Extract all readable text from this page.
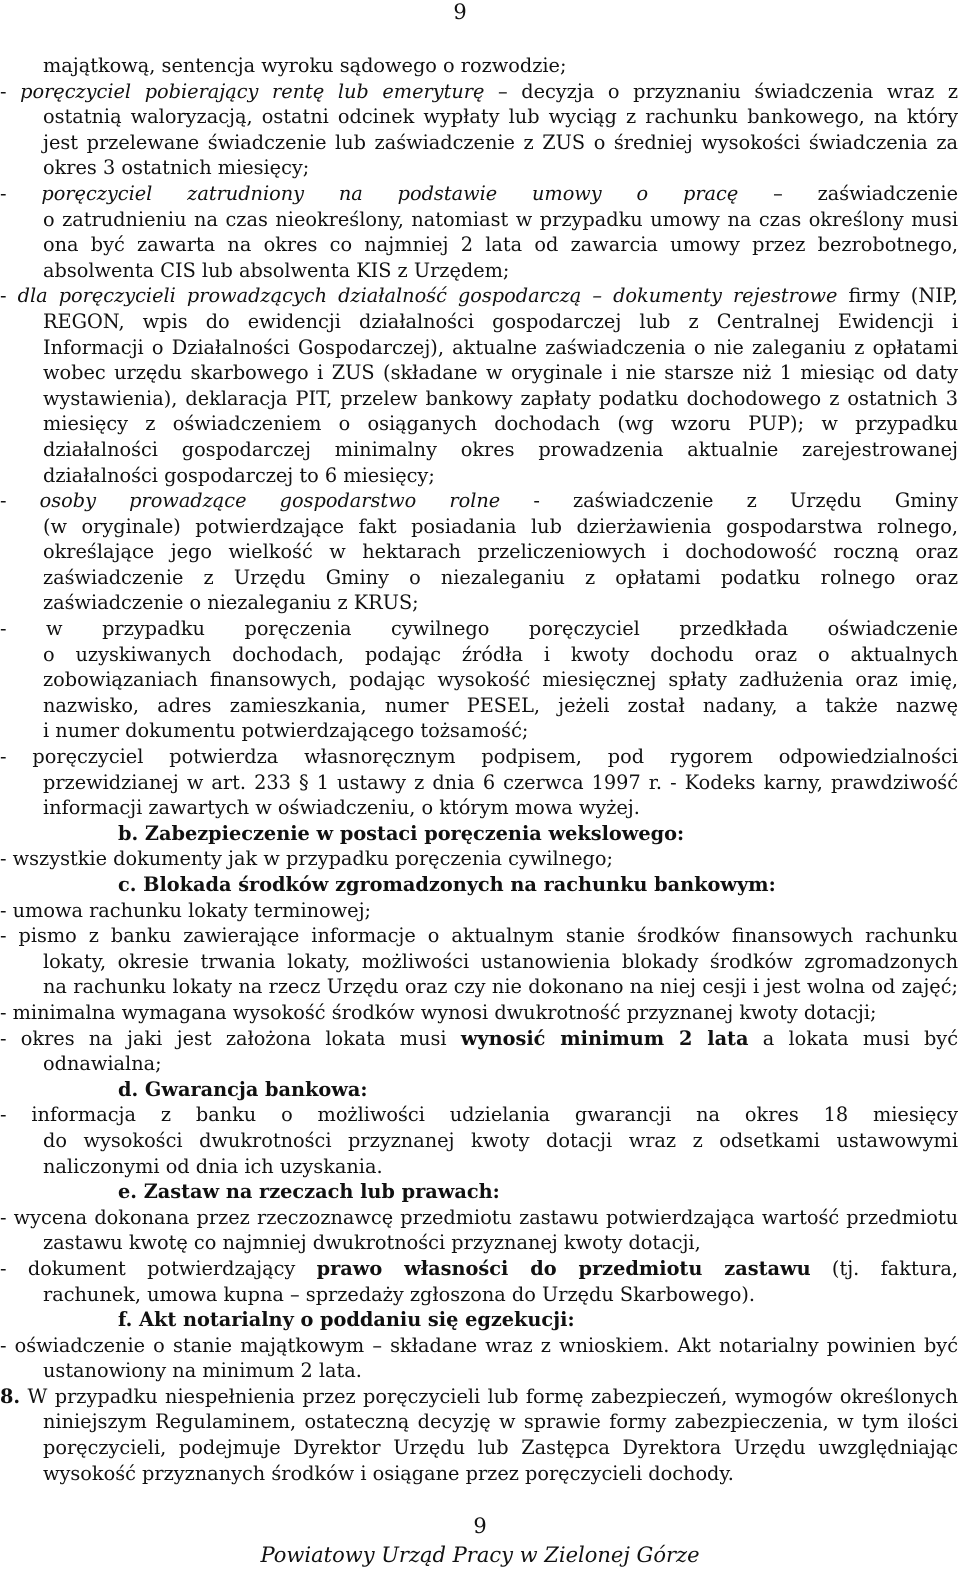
9
majątkową, sentencja wyroku sądowego o rozwodzie;
- poręczyciel pobierający rentę lub emeryturę – decyzja o przyznaniu świadczenia wraz z
ostatnią waloryzacją, ostatni odcinek wypłaty lub wyciąg z rachunku bankowego, na który
jest przelewane świadczenie lub zaświadczenie z ZUS o średniej wysokości świadczenia za
okres 3 ostatnich miesięcy;
- poręczyciel zatrudniony na podstawie umowy o pracę – zaświadczenie
o zatrudnieniu na czas nieokreślony, natomiast w przypadku umowy na czas określony musi
ona być zawarta na okres co najmniej 2 lata od zawarcia umowy przez bezrobotnego,
absolwenta CIS lub absolwenta KIS z Urzędem;
- dla poręczycieli prowadzących działalność gospodarczą – dokumenty rejestrowe firmy (NIP,
REGON, wpis do ewidencji działalności gospodarczej lub z Centralnej Ewidencji i
Informacji o Działalności Gospodarczej), aktualne zaświadczenia o nie zaleganiu z opłatami
wobec urzędu skarbowego i ZUS (składane w oryginale i nie starsze niż 1 miesiąc od daty
wystawienia), deklaracja PIT, przelew bankowy zapłaty podatku dochodowego z ostatnich 3
miesięcy z oświadczeniem o osiąganych dochodach (wg wzoru PUP); w przypadku
działalności gospodarczej minimalny okres prowadzenia aktualnie zarejestrowanej
działalności gospodarczej to 6 miesięcy;
- osoby prowadzące gospodarstwo rolne - zaświadczenie z Urzędu Gminy
(w oryginale) potwierdzające fakt posiadania lub dzierżawienia gospodarstwa rolnego,
określające jego wielkość w hektarach przeliczeniowych i dochodowość roczną oraz
zaświadczenie z Urzędu Gminy o niezaleganiu z opłatami podatku rolnego oraz
zaświadczenie o niezaleganiu z KRUS;
- w przypadku poręczenia cywilnego poręczyciel przedkłada oświadczenie
o uzyskiwanych dochodach, podając źródła i kwoty dochodu oraz o aktualnych
zobowiązaniach finansowych, podając wysokość miesięcznej spłaty zadłużenia oraz imię,
nazwisko, adres zamieszkania, numer PESEL, jeżeli został nadany, a także nazwę
i numer dokumentu potwierdzającego tożsamość;
- poręczyciel potwierdza własnoręcznym podpisem, pod rygorem odpowiedzialności
przewidzianej w art. 233 § 1 ustawy z dnia 6 czerwca 1997 r. - Kodeks karny, prawdziwość
informacji zawartych w oświadczeniu, o którym mowa wyżej.
b. Zabezpieczenie w postaci poręczenia wekslowego:
- wszystkie dokumenty jak w przypadku poręczenia cywilnego;
c. Blokada środków zgromadzonych na rachunku bankowym:
- umowa rachunku lokaty terminowej;
- pismo z banku zawierające informacje o aktualnym stanie środków finansowych rachunku
lokaty, okresie trwania lokaty, możliwości ustanowienia blokady środków zgromadzonych
na rachunku lokaty na rzecz Urzędu oraz czy nie dokonano na niej cesji i jest wolna od zajęć;
- minimalna wymagana wysokość środków wynosi dwukrotność przyznanej kwoty dotacji;
- okres na jaki jest założona lokata musi wynosić minimum 2 lata a lokata musi być
odnawialna;
d. Gwarancja bankowa:
- informacja z banku o możliwości udzielania gwarancji na okres 18 miesięcy
do wysokości dwukrotności przyznanej kwoty dotacji wraz z odsetkami ustawowymi
naliczonymi od dnia ich uzyskania.
e. Zastaw na rzeczach lub prawach:
- wycena dokonana przez rzeczoznawcę przedmiotu zastawu potwierdzająca wartość przedmiotu
zastawu kwotę co najmniej dwukrotności przyznanej kwoty dotacji,
- dokument potwierdzający prawo własności do przedmiotu zastawu (tj. faktura,
rachunek, umowa kupna – sprzedaży zgłoszona do Urzędu Skarbowego).
f. Akt notarialny o poddaniu się egzekucji:
- oświadczenie o stanie majątkowym – składane wraz z wnioskiem. Akt notarialny powinien być
ustanowiony na minimum 2 lata.
8. W przypadku niespełnienia przez poręczycieli lub formę zabezpieczeń, wymogów określonych
niniejszym Regulaminem, ostateczną decyzję w sprawie formy zabezpieczenia, w tym ilości
poręczycieli, podejmuje Dyrektor Urzędu lub Zastępca Dyrektora Urzędu uwzględniając
wysokość przyznanych środków i osiągane przez poręczycieli dochody.
9
Powiatowy Urząd Pracy w Zielonej Górze
